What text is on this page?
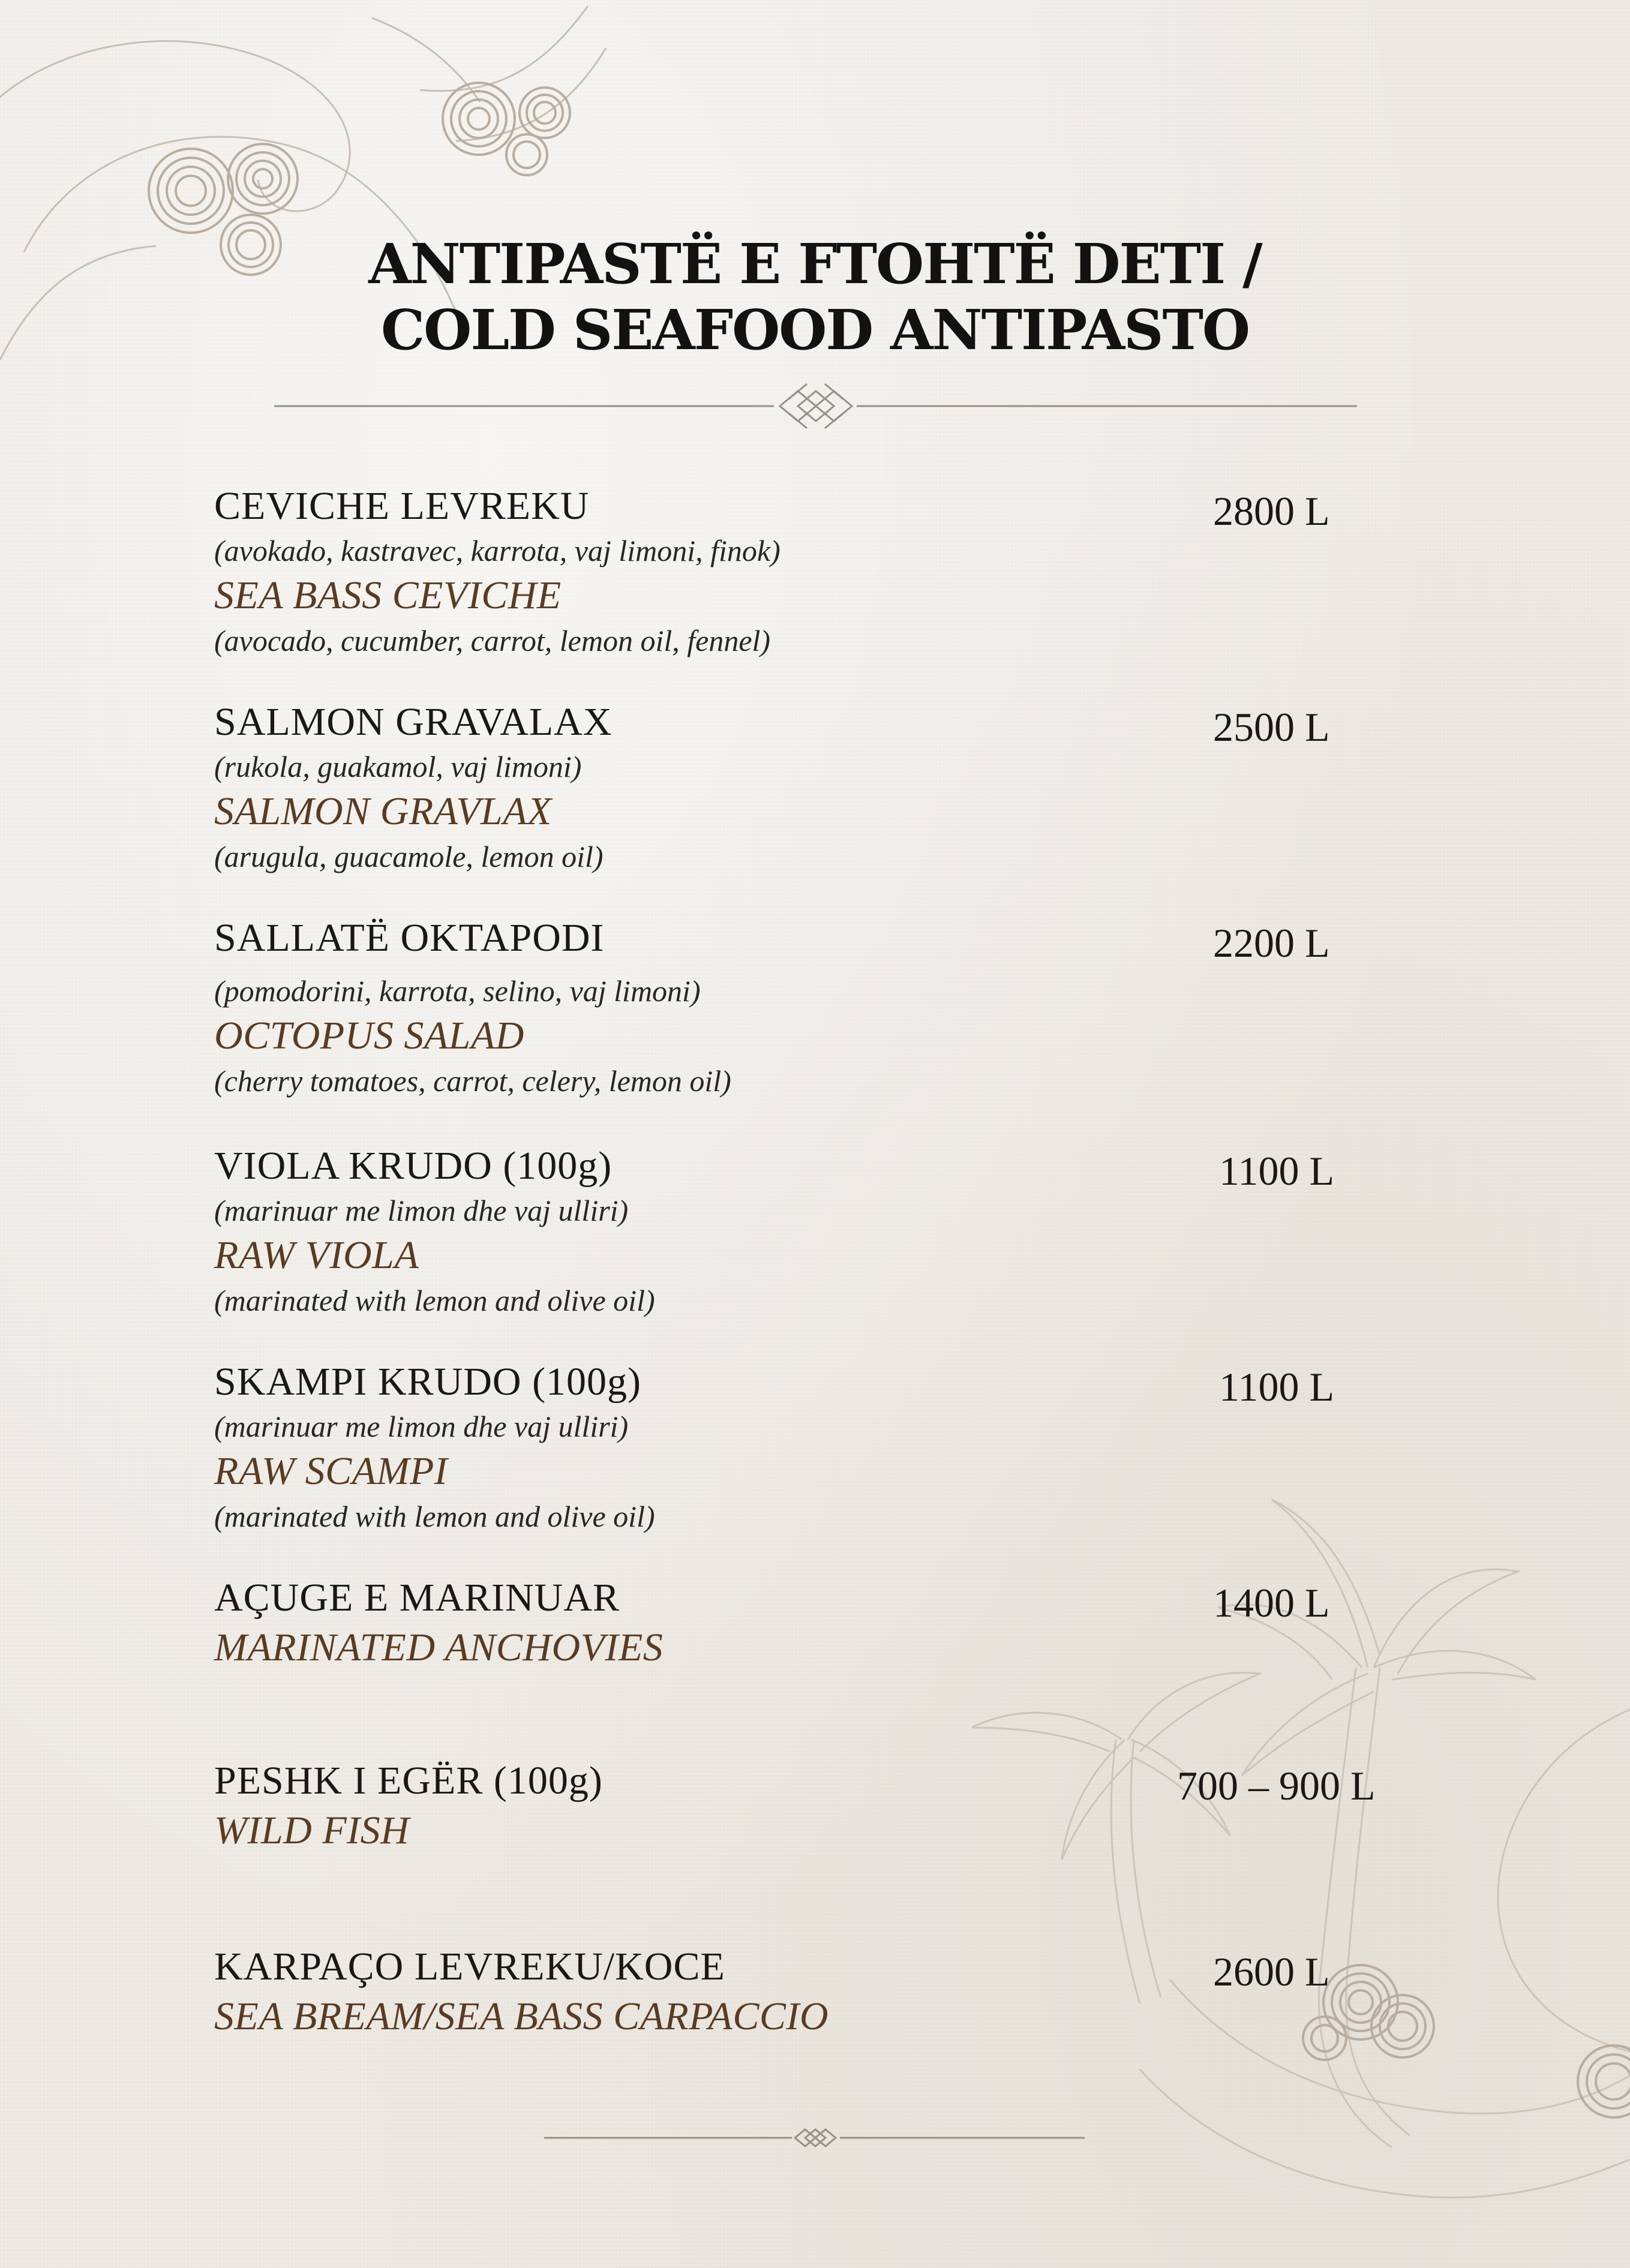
ANTIPASTË E FTOHTË DETI /
COLD SEAFOOD ANTIPASTO
CEVICHE LEVREKU
(avokado, kastravec, karrota, vaj limoni, finok)
SEA BASS CEVICHE
(avocado, cucumber, carrot, lemon oil, fennel)
2800 L
SALMON GRAVALAX
(rukola, guakamol, vaj limoni)
SALMON GRAVLAX
(arugula, guacamole, lemon oil)
2500 L
SALLATË OKTAPODI
(pomodorini, karrota, selino, vaj limoni)
OCTOPUS SALAD
(cherry tomatoes, carrot, celery, lemon oil)
2200 L
VIOLA KRUDO (100g)
(marinuar me limon dhe vaj ulliri)
RAW VIOLA
(marinated with lemon and olive oil)
1100 L
SKAMPI KRUDO (100g)
(marinuar me limon dhe vaj ulliri)
RAW SCAMPI
(marinated with lemon and olive oil)
1100 L
AÇUGE E MARINUAR
MARINATED ANCHOVIES
1400 L
PESHK I EGËR (100g)
WILD FISH
700 – 900 L
KARPAÇO LEVREKU/KOCE
SEA BREAM/SEA BASS CARPACCIO
2600 L
